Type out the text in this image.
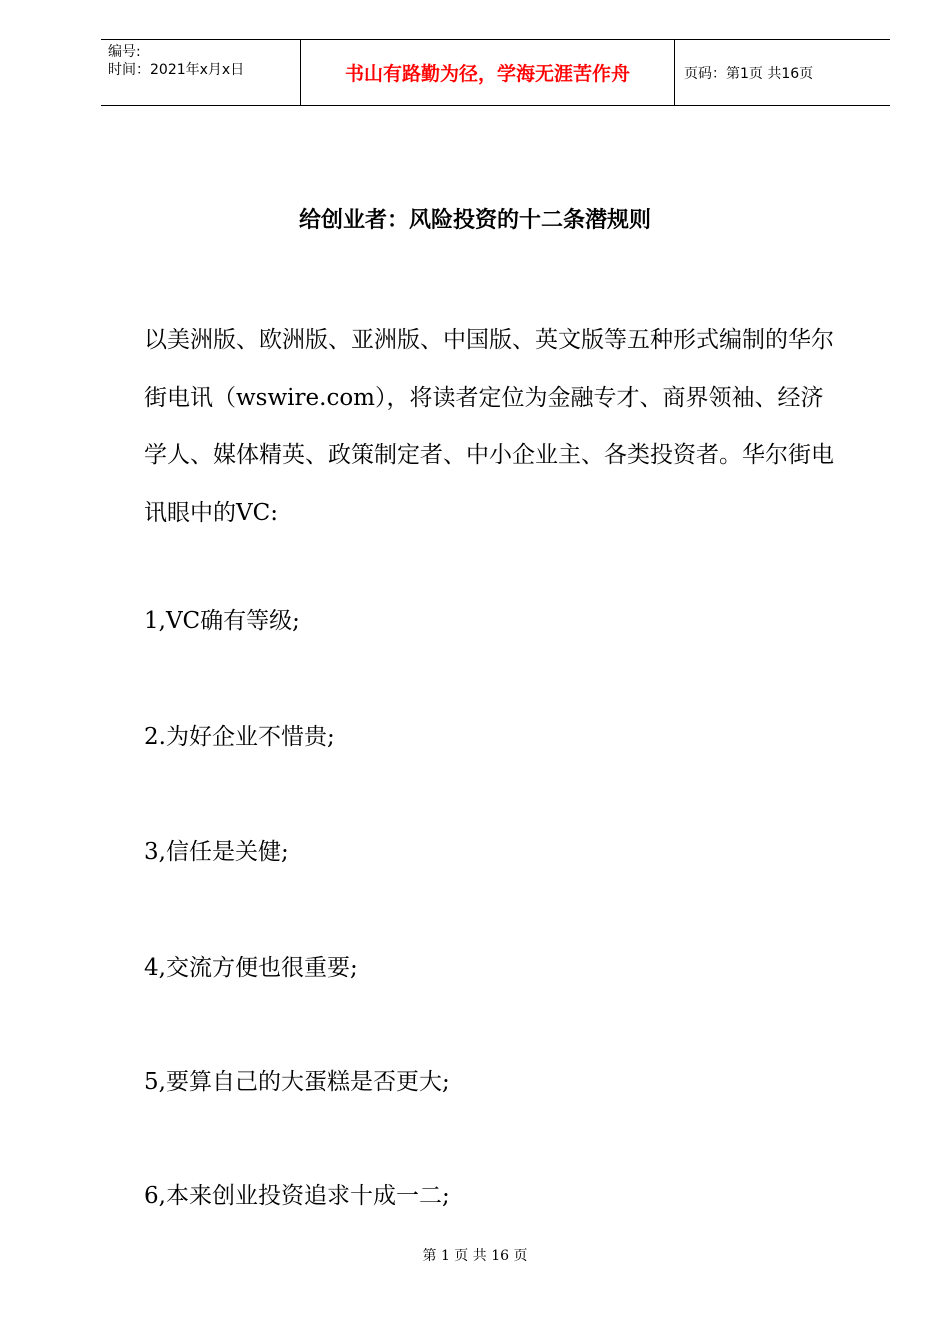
编号:
时间：2021年x月x日	书山有路勤为径，学海无涯苦作舟	页码：第1页 共16页
给创业者：风险投资的十二条潜规则

以美洲版、欧洲版、亚洲版、中国版、英文版等五种形式编制的华尔街电讯（wswire.com），将读者定位为金融专才、商界领袖、经济学人、媒体精英、政策制定者、中小企业主、各类投资者。华尔街电讯眼中的VC:

1,VC确有等级;
2.为好企业不惜贵;
3,信任是关健;
4,交流方便也很重要;
5,要算自己的大蛋糕是否更大;
6,本来创业投资追求十成一二;
第 1 页 共 16 页
